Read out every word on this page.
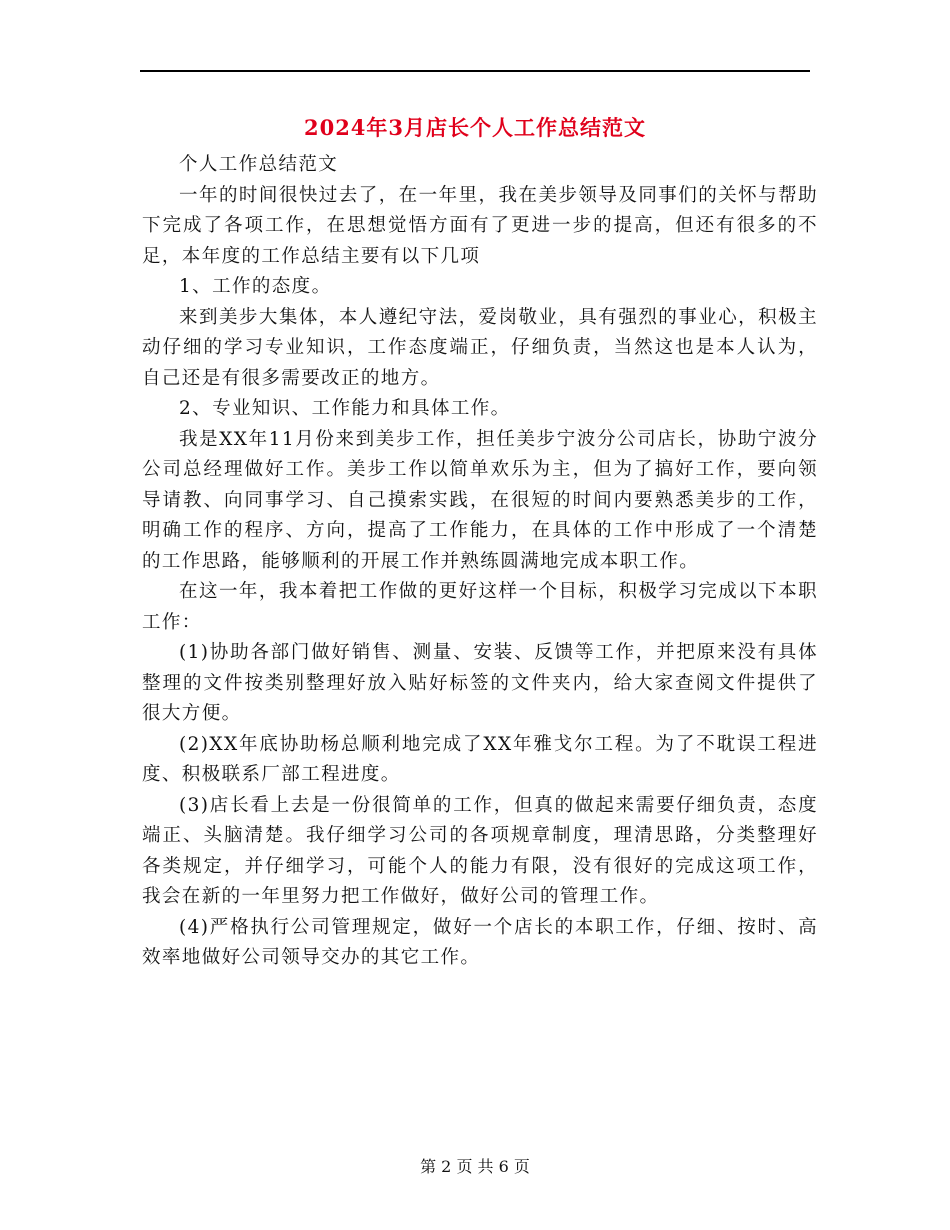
2024年3月店长个人工作总结范文

个人工作总结范文

一年的时间很快过去了，在一年里，我在美步领导及同事们的关怀与帮助下完成了各项工作，在思想觉悟方面有了更进一步的提高，但还有很多的不足，本年度的工作总结主要有以下几项

1、工作的态度。

来到美步大集体，本人遵纪守法，爱岗敬业，具有强烈的事业心，积极主动仔细的学习专业知识，工作态度端正，仔细负责，当然这也是本人认为，自己还是有很多需要改正的地方。

2、专业知识、工作能力和具体工作。

我是XX年11月份来到美步工作，担任美步宁波分公司店长，协助宁波分公司总经理做好工作。美步工作以简单欢乐为主，但为了搞好工作，要向领导请教、向同事学习、自己摸索实践，在很短的时间内要熟悉美步的工作，明确工作的程序、方向，提高了工作能力，在具体的工作中形成了一个清楚的工作思路，能够顺利的开展工作并熟练圆满地完成本职工作。

在这一年，我本着把工作做的更好这样一个目标，积极学习完成以下本职工作：

(1)协助各部门做好销售、测量、安装、反馈等工作，并把原来没有具体整理的文件按类别整理好放入贴好标签的文件夹内，给大家查阅文件提供了很大方便。

(2)XX年底协助杨总顺利地完成了XX年雅戈尔工程。为了不耽误工程进度、积极联系厂部工程进度。

(3)店长看上去是一份很简单的工作，但真的做起来需要仔细负责，态度端正、头脑清楚。我仔细学习公司的各项规章制度，理清思路，分类整理好各类规定，并仔细学习，可能个人的能力有限，没有很好的完成这项工作，我会在新的一年里努力把工作做好，做好公司的管理工作。

(4)严格执行公司管理规定，做好一个店长的本职工作，仔细、按时、高效率地做好公司领导交办的其它工作。

第 2 页 共 6 页
